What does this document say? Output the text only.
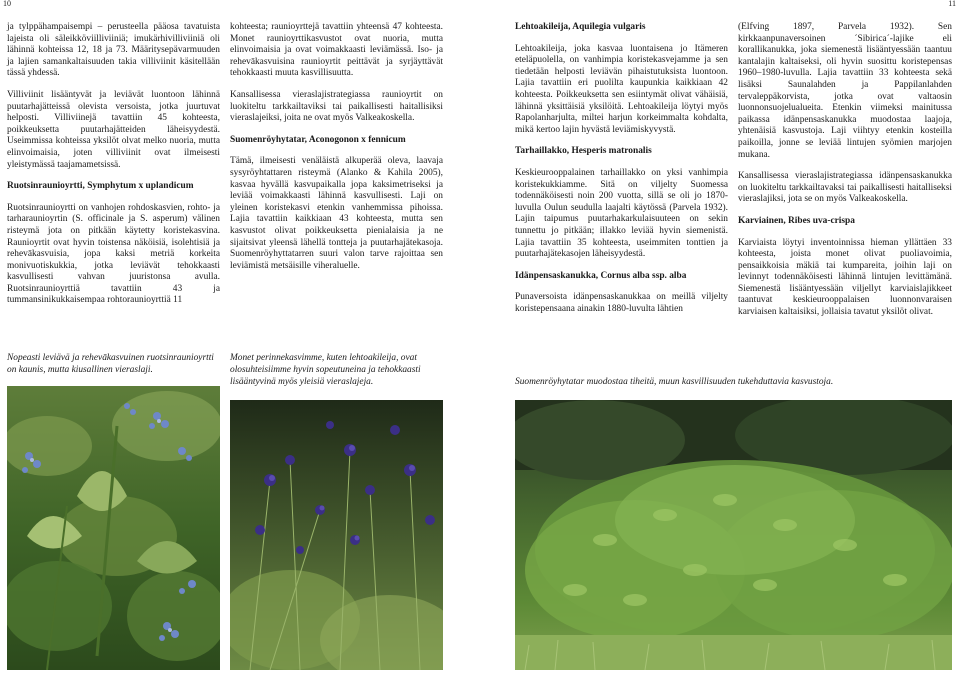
10	11

ja tylppähampaisempi – perusteella pääosa tavatuista lajeista oli säleikköviilliviiniä; imukärhivilliviiniä oli lähinnä kohteissa 12, 18 ja 73. Määritysepävarmuuden ja lajien samankaltaisuuden takia villiviinit käsitellään tässä yhdessä.

Villiviinit lisääntyvät ja leviävät luontoon lähinnä puutarhajätteissä olevista versoista, jotka juurtuvat helposti. Villiviinejä tavattiin 45 kohteesta, poikkeuksetta puutarhajätteiden läheisyydestä. Useimmissa kohteissa yksilöt olvat melko nuoria, mutta elinvoimaisia, joten villiviinit ovat ilmeisesti yleistymässä taajamametsissä.

Ruotsinraunioyrtti, Symphytum x uplandicum

Ruotsinraunioyrtti on vanhojen rohdoskasvien, rohto- ja tarharaunioyrtin (S. officinale ja S. asperum) välinen risteymä jota on pitkään käytetty koristekasvina. Raunioyrtit ovat hyvin toistensa näköisiä, isolehtisiä ja rehevākasvuisia, jopa kaksi metriä korkeita monivuotiskukkia, jotka leviävät tehokkaasti kasvullisesti vahvan juuristonsa avulla. Ruotsinraunioyrttiä tavattiin 43 ja tummansinikukkaisempaa rohtoraunioyrttiä 11

Nopeasti leviävä ja rehevākasvuinen ruotsinraunioyrtti on kaunis, mutta kiusallinen vieraslaji.

kohteesta; raunioyrttejä tavattiin yhteensä 47 kohteesta. Monet raunioyrttikasvustot ovat nuoria, mutta elinvoimaisia ja ovat voimakkaasti leviämässä. Iso- ja rehevākasvuisina raunioyrtit peittävät ja syrjäyttävät tehokkaasti muuta kasvillisuutta.

Kansallisessa vieraslajistrategiassa raunioyrtit on luokiteltu tarkkailtaviksi tai paikallisesti haitallisiksi vieraslajeiksi, joita ne ovat myös Valkeakoskella.

Suomenröyhytatar, Aconogonon x fennicum

Tämä, ilmeisesti venäläistä alkuperää oleva, laavaja sysyröyhtattaren risteymä (Alanko & Kahila 2005), kasvaa hyvällä kasvupaikalla jopa kaksimetriseksi ja leviää voimakkaasti lähinnä kasvullisesti. Laji on yleinen koristekasvi etenkin vanhemmissa pihoissa. Lajia tavattiin kaikkiaan 43 kohteesta, mutta sen kasvustot olivat poikkeuksetta pienialaisia ja ne sijaitsivat yleensä lähellä tontteja ja puutarhajätekasoja. Suomenröyhyttatarren suuri valon tarve rajoittaa sen leviämistä metsäisille viheraluelle.

Monet perinnekasvimme, kuten lehtoakileija, ovat olosuhteisiimme hyvin sopeutuneina ja tehokkaasti lisääntyvinä myös yleisiä vieraslajeja.
Lehtoakileija, Aquilegia vulgaris

Lehtoakileija, joka kasvaa luontaisena jo Itämeren eteläpuolella, on vanhimpia koristekasvejamme ja sen tiedetään helposti leviävän pihaistutuksista luontoon. Lajia tavattiin eri puolilta kaupunkia kaikkiaan 42 kohteesta. Poikkeuksetta sen esiintymät olivat vähäisiä, lähinnä yksittäisiä yksilöitä. Lehtoakileija löytyi myös Rapolanharjulta, miltei harjun korkeimmalta kohdalta, mikä kertoo lajin hyvästä leviämiskyvystä.

Tarhaillakko, Hesperis matronalis

Keskieurooppalainen tarhaillakko on yksi vanhimpia koristekukkiamme. Sitä on viljelty Suomessa todennäköisesti noin 200 vuotta, sillä se oli jo 1870-luvulla Oulun seudulla laajalti käytössä (Parvela 1932). Lajin taipumus puutarhakarkulaisuuteen on sekin tunnettu jo pitkään; illakko leviää hyvin siemenistä. Lajia tavattiin 35 kohteesta, useimmiten tonttien ja puutarhajätekasojen läheisyydestä.

Idänpensaskanukka, Cornus alba ssp. alba

Punaversoista idänpensaskanukkaa on meillä viljelty koristepensaana ainakin 1880-luvulta lähtien

(Elfving 1897, Parvela 1932). Sen kirkkaanpunaversoinen ´Sibirica´-lajike eli korallikanukka, joka siemenestä lisääntyessään taantuu kantalajin kaltaiseksi, oli hyvin suosittu koristepensas 1960–1980-luvulla. Lajia tavattiin 33 kohteesta sekä lisäksi Saunalahden ja Pappilanlahden tervaleppäkorvista, jotka ovat valtaosin luonnonsuojelualueita. Etenkin viimeksi mainitussa paikassa idänpensaskanukka muodostaa laajoja, yhtenäisiä kasvustoja. Laji viihtyy etenkin kosteilla paikoilla, jonne se leviää lintujen syömien marjojen mukana.

Kansallisessa vieraslajistrategiassa idänpensaskanukka on luokiteltu tarkkailtavaksi tai paikallisesti haitalliseksi vieraslajiksi, jota se on myös Valkeakoskella.

Karviainen, Ribes uva-crispa

Karviaista löytyi inventoinnissa hieman yllättäen 33 kohteesta, joista monet olivat puoliavoimia, pensaikkoisia mäkiä tai kumpareita, joihin laji on levinnyt todennäköisesti lähinnä lintujen levittämänä. Siemenestä lisääntyessään viljellyt karviaislajikkeet taantuvat keskieurooppalaisen luonnonvaraisen karviaisen kaltaisiksi, jollaisia tavatut yksilöt olivat.

Suomenröyhytatar muodostaa tiheitä, muun kasvillisuuden tukehduttavia kasvustoja.
